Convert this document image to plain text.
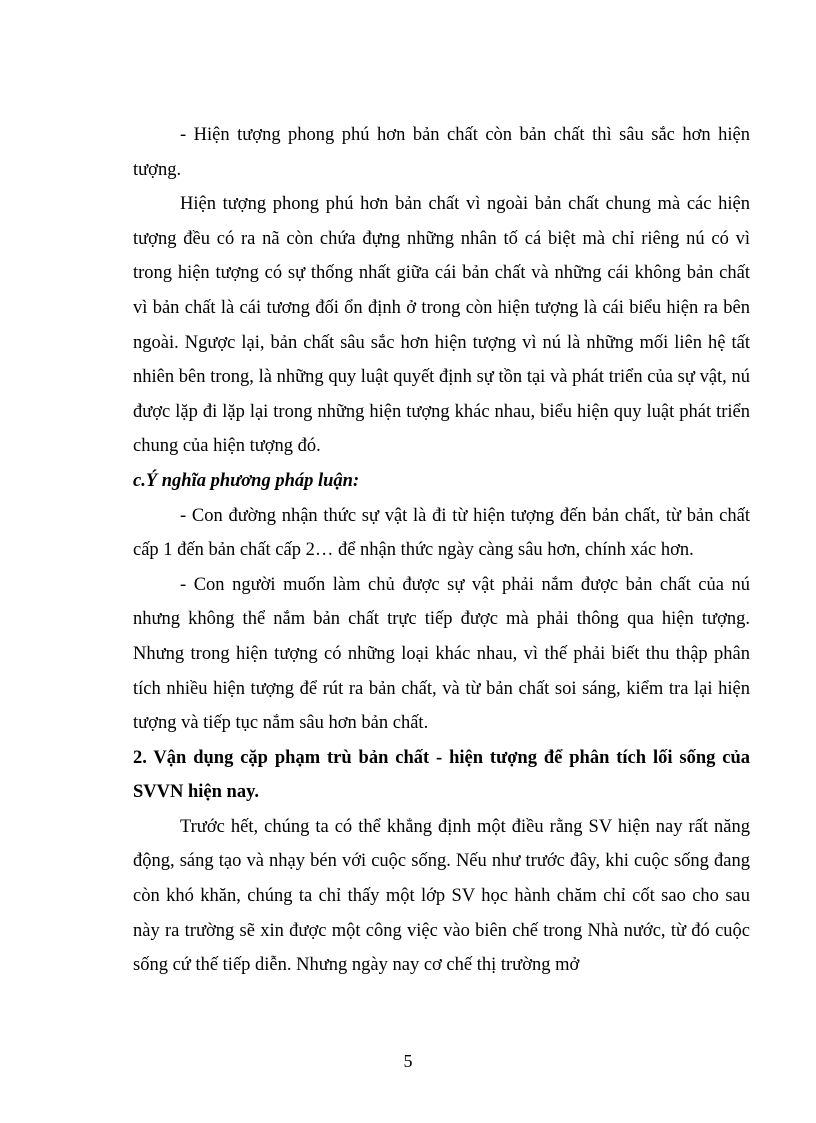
- Hiện tượng phong phú hơn bản chất còn bản chất thì sâu sắc hơn hiện tượng.

Hiện tượng phong phú hơn bản chất vì ngoài bản chất chung mà các hiện tượng đều có ra nã còn chứa đựng những nhân tố cá biệt mà chỉ riêng nú có vì trong hiện tượng có sự thống nhất giữa cái bản chất và những cái không bản chất vì bản chất là cái tương đối ổn định ở trong còn hiện tượng là cái biểu hiện ra bên ngoài. Ngược lại, bản chất sâu sắc hơn hiện tượng vì nú là những mối liên hệ tất nhiên bên trong, là những quy luật quyết định sự tồn tại và phát triển của sự vật, nú được lặp đi lặp lại trong những hiện tượng khác nhau, biểu hiện quy luật phát triển chung của hiện tượng đó.

c.Ý nghĩa phương pháp luận:

- Con đường nhận thức sự vật là đi từ hiện tượng đến bản chất, từ bản chất cấp 1 đến bản chất cấp 2… để nhận thức ngày càng sâu hơn, chính xác hơn.

- Con người muốn làm chủ được sự vật phải nắm được bản chất của nú nhưng không thể nắm bản chất trực tiếp được mà phải thông qua hiện tượng. Nhưng trong hiện tượng có những loại khác nhau, vì thế phải biết thu thập phân tích nhiều hiện tượng để rút ra bản chất, và từ bản chất soi sáng, kiểm tra lại hiện tượng và tiếp tục nắm sâu hơn bản chất.

2. Vận dụng cặp phạm trù bản chất - hiện tượng để phân tích lối sống của SVVN hiện nay.

Trước hết, chúng ta có thể khẳng định một điều rằng SV hiện nay rất năng động, sáng tạo và nhạy bén với cuộc sống. Nếu như trước đây, khi cuộc sống đang còn khó khăn, chúng ta chỉ thấy một lớp SV học hành chăm chỉ cốt sao cho sau này ra trường sẽ xin được một công việc vào biên chế trong Nhà nước, từ đó cuộc sống cứ thế tiếp diễn. Nhưng ngày nay cơ chế thị trường mở

5
